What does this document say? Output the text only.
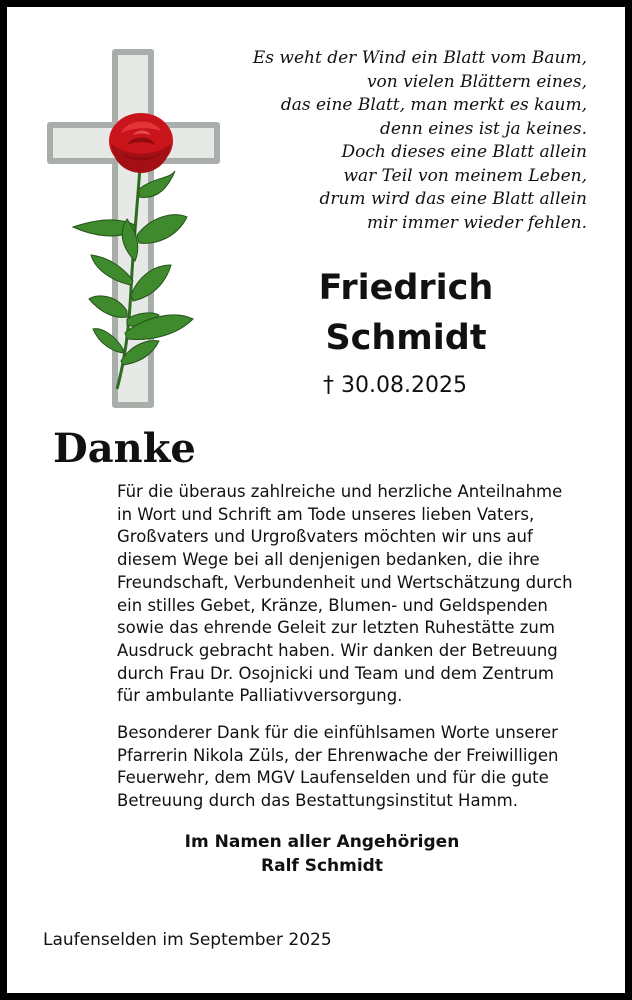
Es weht der Wind ein Blatt vom Baum,
von vielen Blättern eines,
das eine Blatt, man merkt es kaum,
denn eines ist ja keines.
Doch dieses eine Blatt allein
war Teil von meinem Leben,
drum wird das eine Blatt allein
mir immer wieder fehlen.
Friedrich
Schmidt
† 30.08.2025
Danke
Für die überaus zahlreiche und herzliche Anteilnahme
in Wort und Schrift am Tode unseres lieben Vaters,
Großvaters und Urgroßvaters möchten wir uns auf
diesem Wege bei all denjenigen bedanken, die ihre
Freundschaft, Verbundenheit und Wertschätzung durch
ein stilles Gebet, Kränze, Blumen- und Geldspenden
sowie das ehrende Geleit zur letzten Ruhestätte zum
Ausdruck gebracht haben. Wir danken der Betreuung
durch Frau Dr. Osojnicki und Team und dem Zentrum
für ambulante Palliativversorgung.
Besonderer Dank für die einfühlsamen Worte unserer
Pfarrerin Nikola Züls, der Ehrenwache der Freiwilligen
Feuerwehr, dem MGV Laufenselden und für die gute
Betreuung durch das Bestattungsinstitut Hamm.
Im Namen aller Angehörigen
Ralf Schmidt
Laufenselden im September 2025
